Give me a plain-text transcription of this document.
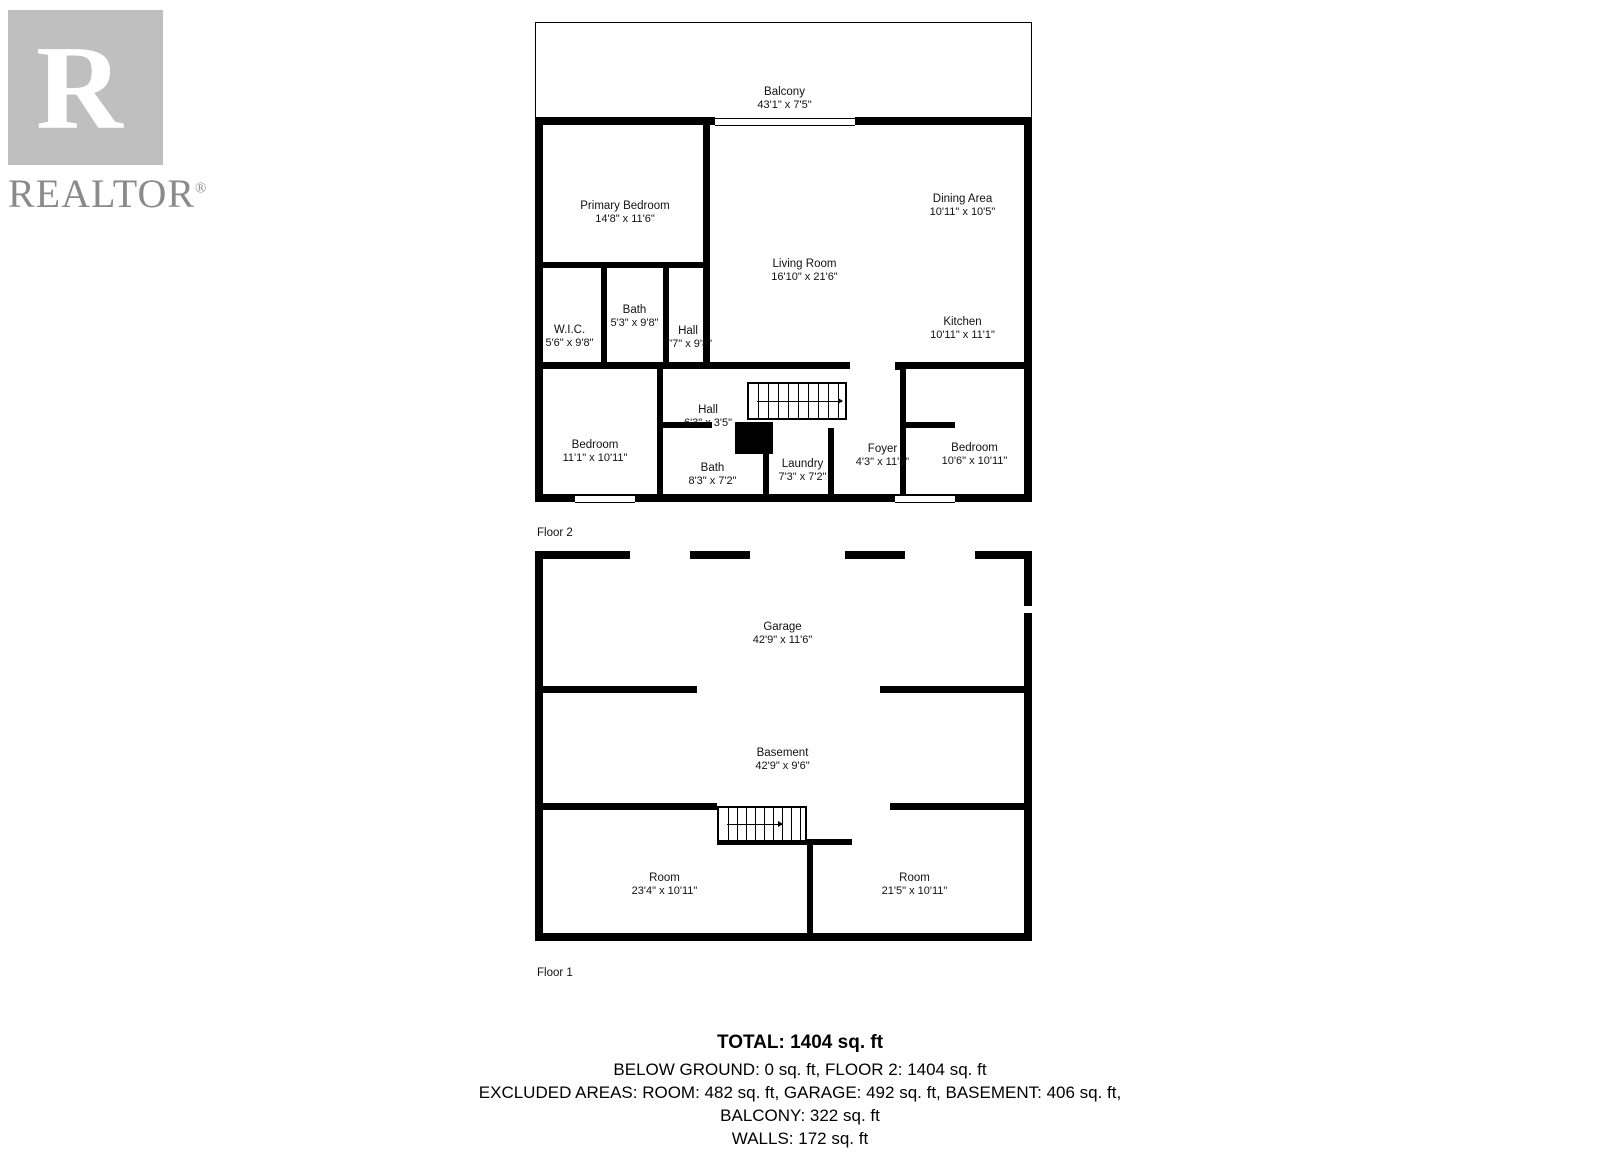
R
REALTOR®
Balcony
43'1" x 7'5"
Primary Bedroom
14'8" x 11'6"
Living Room
16'10" x 21'6"
Dining Area
10'11" x 10'5"
Kitchen
10'11" x 11'1"
Bath
5'3" x 9'8"
W.I.C.
5'6" x 9'8"
Hall
7'7" x 9'8"
Hall
6'3" x 3'5"
Bedroom
11'1" x 10'11"
Bath
8'3" x 7'2"
Laundry
7'3" x 7'2"
Foyer
4'3" x 11'3"
Bedroom
10'6" x 10'11"
Floor 2
Garage
42'9" x 11'6"
Basement
42'9" x 9'6"
Room
23'4" x 10'11"
Room
21'5" x 10'11"
Floor 1
TOTAL: 1404 sq. ft
BELOW GROUND: 0 sq. ft, FLOOR 2: 1404 sq. ft
EXCLUDED AREAS: ROOM: 482 sq. ft, GARAGE: 492 sq. ft, BASEMENT: 406 sq. ft,
BALCONY: 322 sq. ft
WALLS: 172 sq. ft
